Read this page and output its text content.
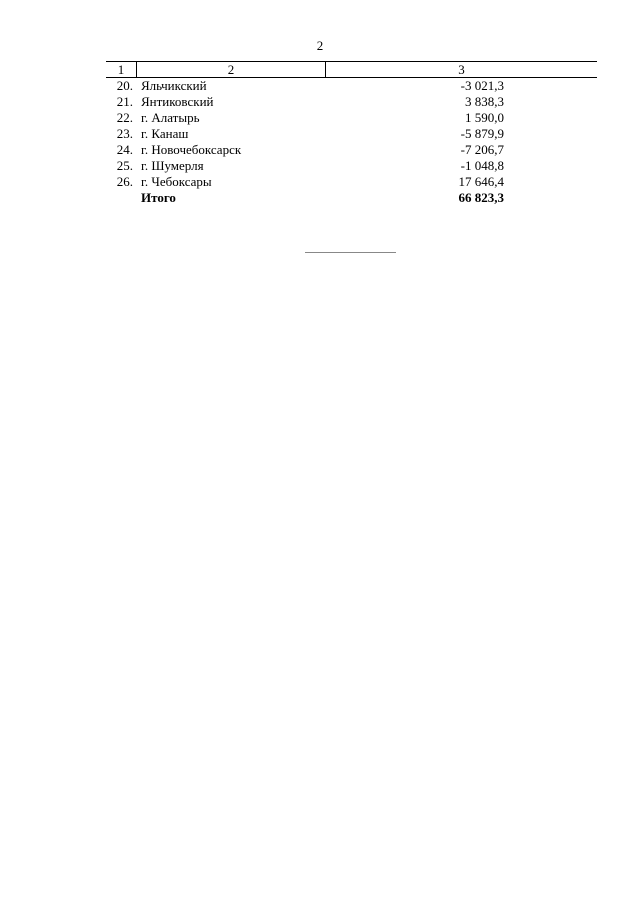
2
1	2	3
20. Яльчикский	-3 021,3
21. Янтиковский	3 838,3
22. г. Алатырь	1 590,0
23. г. Канаш	-5 879,9
24. г. Новочебоксарск	-7 206,7
25. г. Шумерля	-1 048,8
26. г. Чебоксары	17 646,4
Итого	66 823,3
